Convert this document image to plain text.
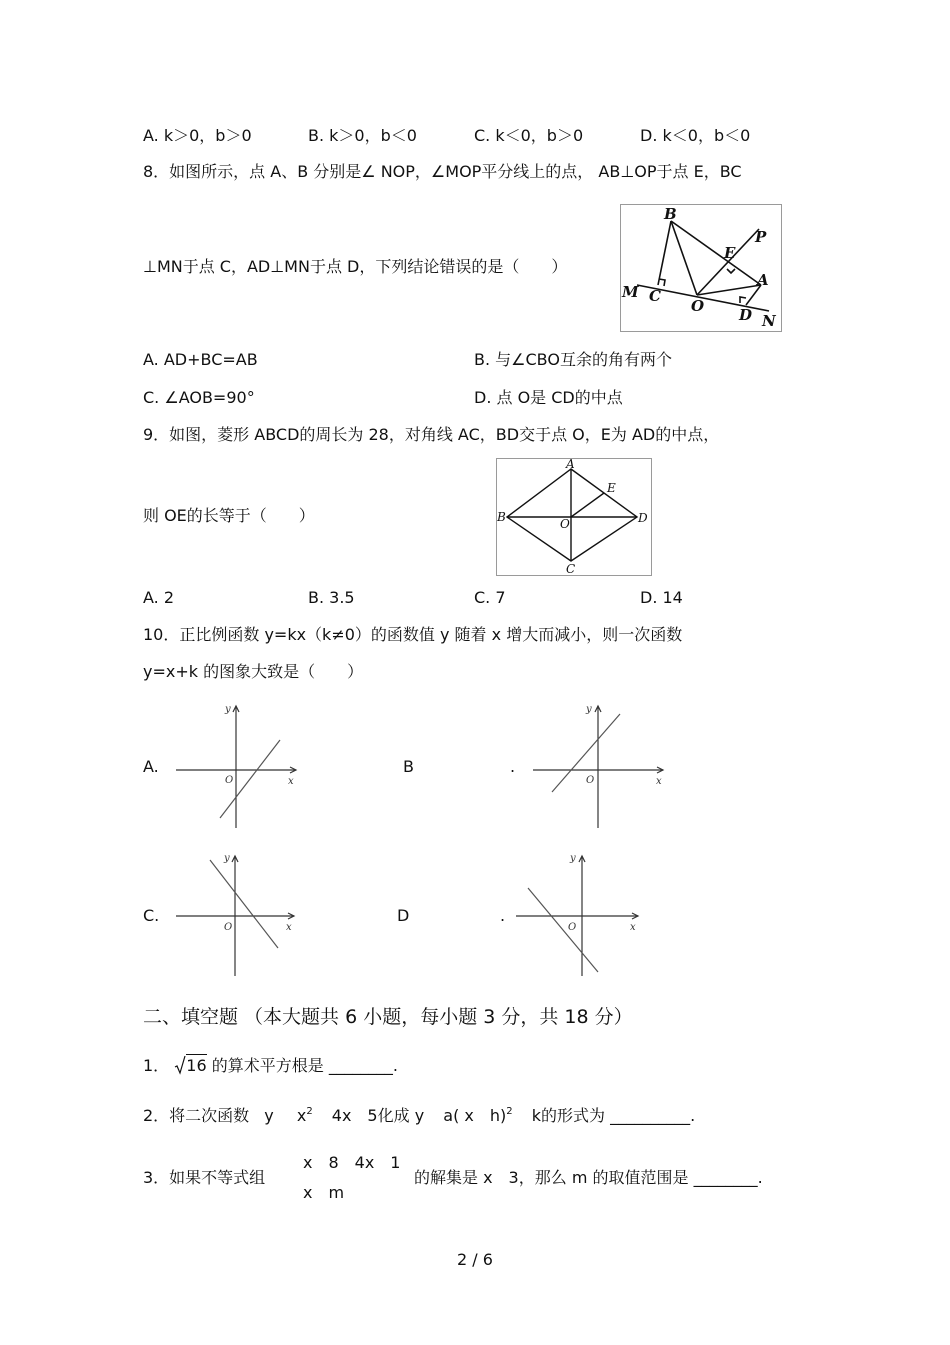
A. k＞0，b＞0	B. k＞0，b＜0	C. k＜0，b＞0	D. k＜0，b＜0
8．如图所示，点 A、B 分别是∠ NOP，∠MOP平分线上的点， AB⊥OP于点 E，BC
⊥MN于点 C，AD⊥MN于点 D，下列结论错误的是（　　）
B
E
P
A
M C
O D N
A. AD+BC=AB	B. 与∠CBO互余的角有两个
C. ∠AOB=90°	D. 点 O是 CD的中点
9．如图，菱形 ABCD的周长为 28，对角线 AC，BD交于点 O，E为 AD的中点，
则 OE的长等于（　　）
A
B
C
D
E
O
A. 2	B. 3.5	C. 7	D. 14
10．正比例函数 y=kx（k≠0）的函数值 y 随着 x 增大而减小，则一次函数
y=x+k 的图象大致是（　　）
A.	B	.
C.	D	.
x
y
O	x
y
O
x
y
O	x
y
O
二、填空题 （本大题共 6 小题，每小题 3 分，共 18 分）
1． 16 的算术平方根是 ________.
2．将二次函数 y $x^2$ 4x　5化成 y a( x　h)$^2$ k的形式为 __________.
3．如果不等式组
x　8　4x　1
x　m
的解集是 x　3，那么 m 的取值范围是 ________.
2 / 6
